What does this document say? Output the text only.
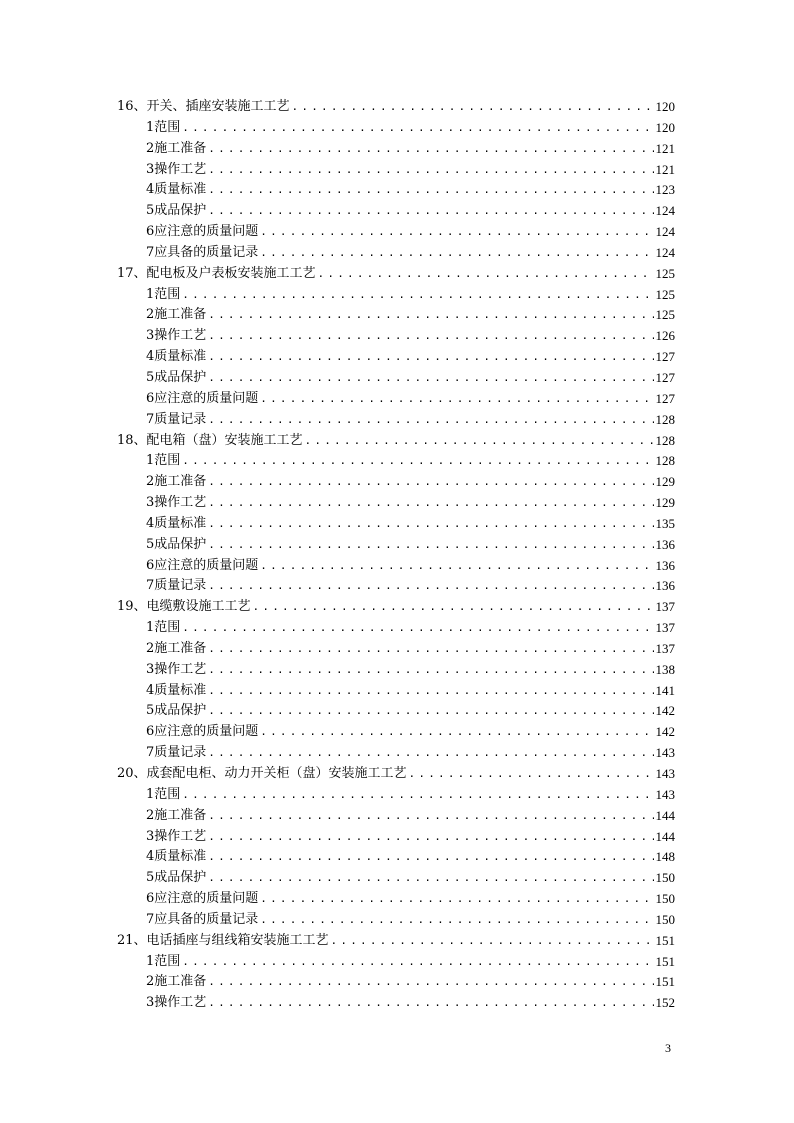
16、开关、插座安装施工工艺 .....	120
1范围 .....	120
2施工准备 .....	121
3操作工艺 .....	121
4质量标准 .....	123
5成品保护 .....	124
6应注意的质量问题 .....	124
7应具备的质量记录 .....	124
17、配电板及户表板安装施工工艺 .....	125
1范围 .....	125
2施工准备 .....	125
3操作工艺 .....	126
4质量标准 .....	127
5成品保护 .....	127
6应注意的质量问题 .....	127
7质量记录 .....	128
18、配电箱（盘）安装施工工艺 .....	128
1范围 .....	128
2施工准备 .....	129
3操作工艺 .....	129
4质量标准 .....	135
5成品保护 .....	136
6应注意的质量问题 .....	136
7质量记录 .....	136
19、电缆敷设施工工艺 .....	137
1范围 .....	137
2施工准备 .....	137
3操作工艺 .....	138
4质量标准 .....	141
5成品保护 .....	142
6应注意的质量问题 .....	142
7质量记录 .....	143
20、成套配电柜、动力开关柜（盘）安装施工工艺 .....	143
1范围 .....	143
2施工准备 .....	144
3操作工艺 .....	144
4质量标准 .....	148
5成品保护 .....	150
6应注意的质量问题 .....	150
7应具备的质量记录 .....	150
21、电话插座与组线箱安装施工工艺 .....	151
1范围 .....	151
2施工准备 .....	151
3操作工艺 .....	152
3
